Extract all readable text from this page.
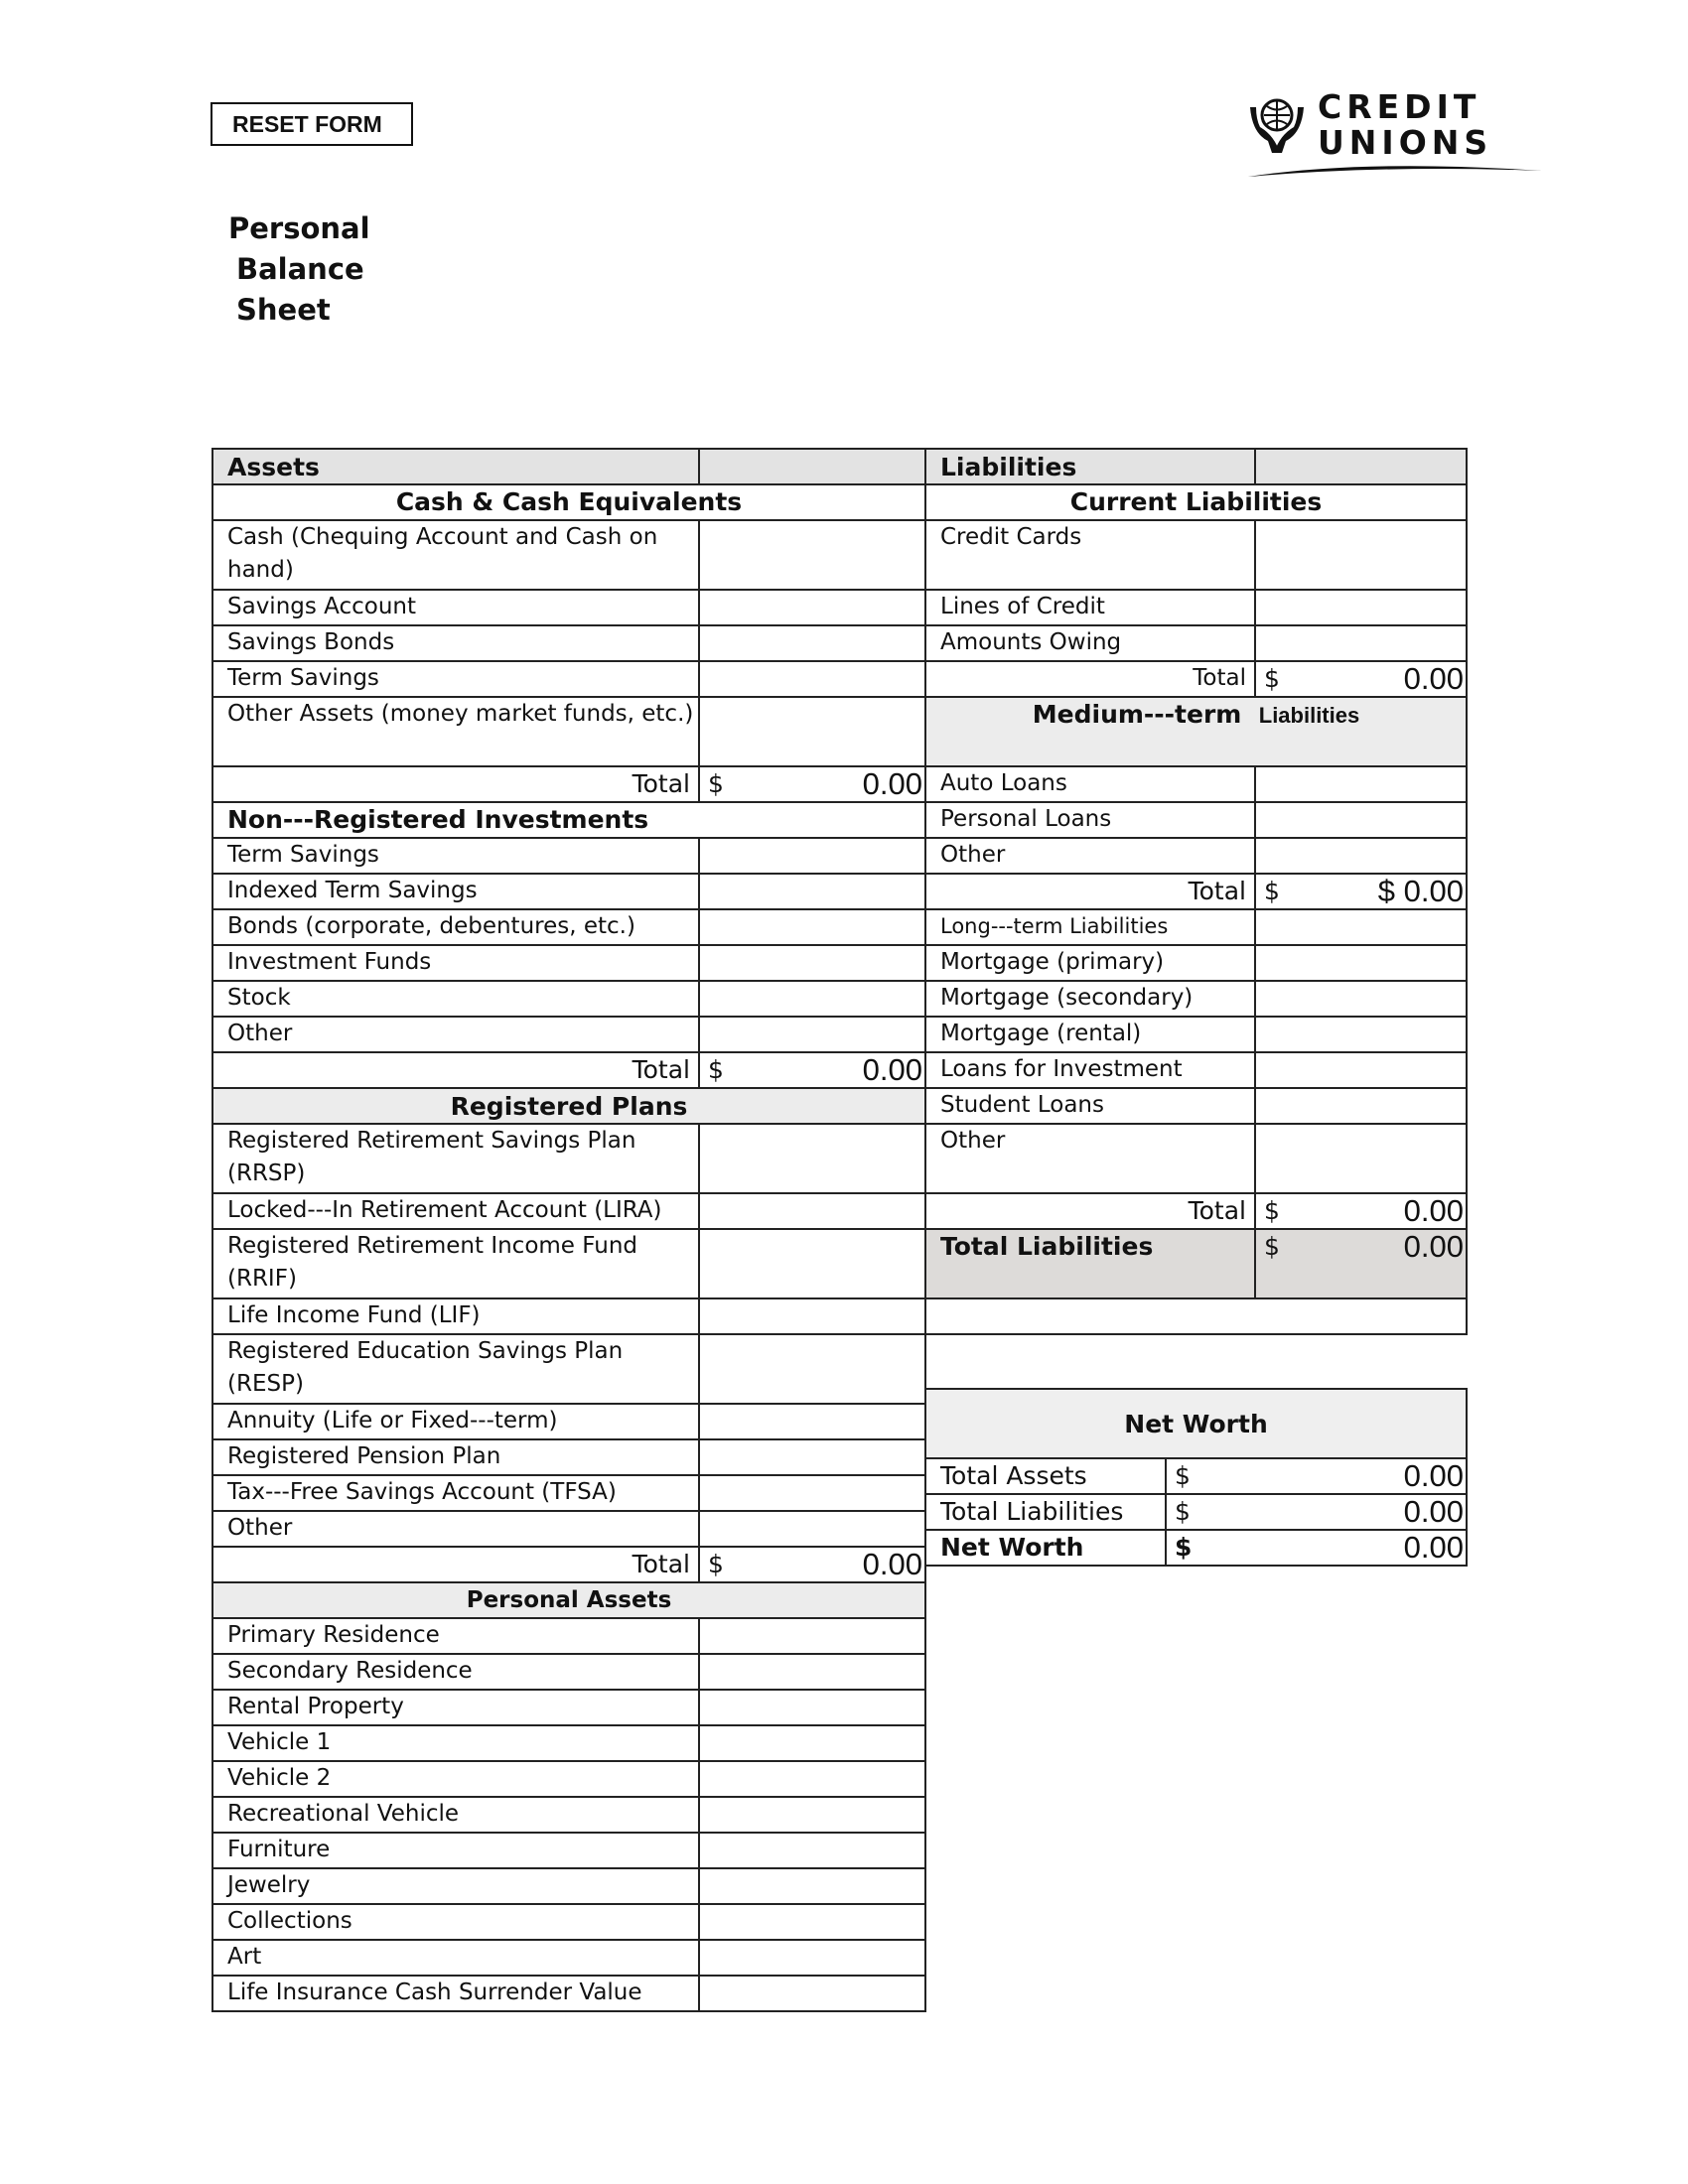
RESET FORM	CREDIT
UNIONS
Personal
Balance
Sheet
Assets	
Cash & Cash Equivalents	
Cash (Chequing Account and Cash on hand)	
Savings Account	
Savings Bonds	
Term Savings	
Other Assets (money market funds, etc.)	
Total	$ 0.00

Non---Registered Investments	
Term Savings	
Indexed Term Savings	
Bonds (corporate, debentures, etc.)	
Investment Funds	
Stock	
Other	
Total	$ 0.00

Registered Plans	
Registered Retirement Savings Plan (RRSP)	
Locked---In Retirement Account (LIRA)	
Registered Retirement Income Fund (RRIF)	
Life Income Fund (LIF)	
Registered Education Savings Plan (RESP)	
Annuity (Life or Fixed---term)	
Registered Pension Plan	
Tax---Free Savings Account (TFSA)	
Other	
Total	$ 0.00

Personal Assets	
Primary Residence	
Secondary Residence	
Rental Property	
Vehicle 1	
Vehicle 2	
Recreational Vehicle	
Furniture	
Jewelry	
Collections	
Art	
Life Insurance Cash Surrender Value	
Liabilities	
Current Liabilities	
Credit Cards	
Lines of Credit	
Amounts Owing	
Total	$ 0.00

Medium---term Liabilities	
Auto Loans	
Personal Loans	
Other	
Total	$ $ 0.00

Long---term Liabilities	
Mortgage (primary)	
Mortgage (secondary)	
Mortgage (rental)	
Loans for Investment	
Student Loans	
Other	
Total	$ 0.00

Total Liabilities	$ 0.00

Net Worth	
Total Assets	$ 0.00

Total Liabilities	$ 0.00

Net Worth	$ 0.00
